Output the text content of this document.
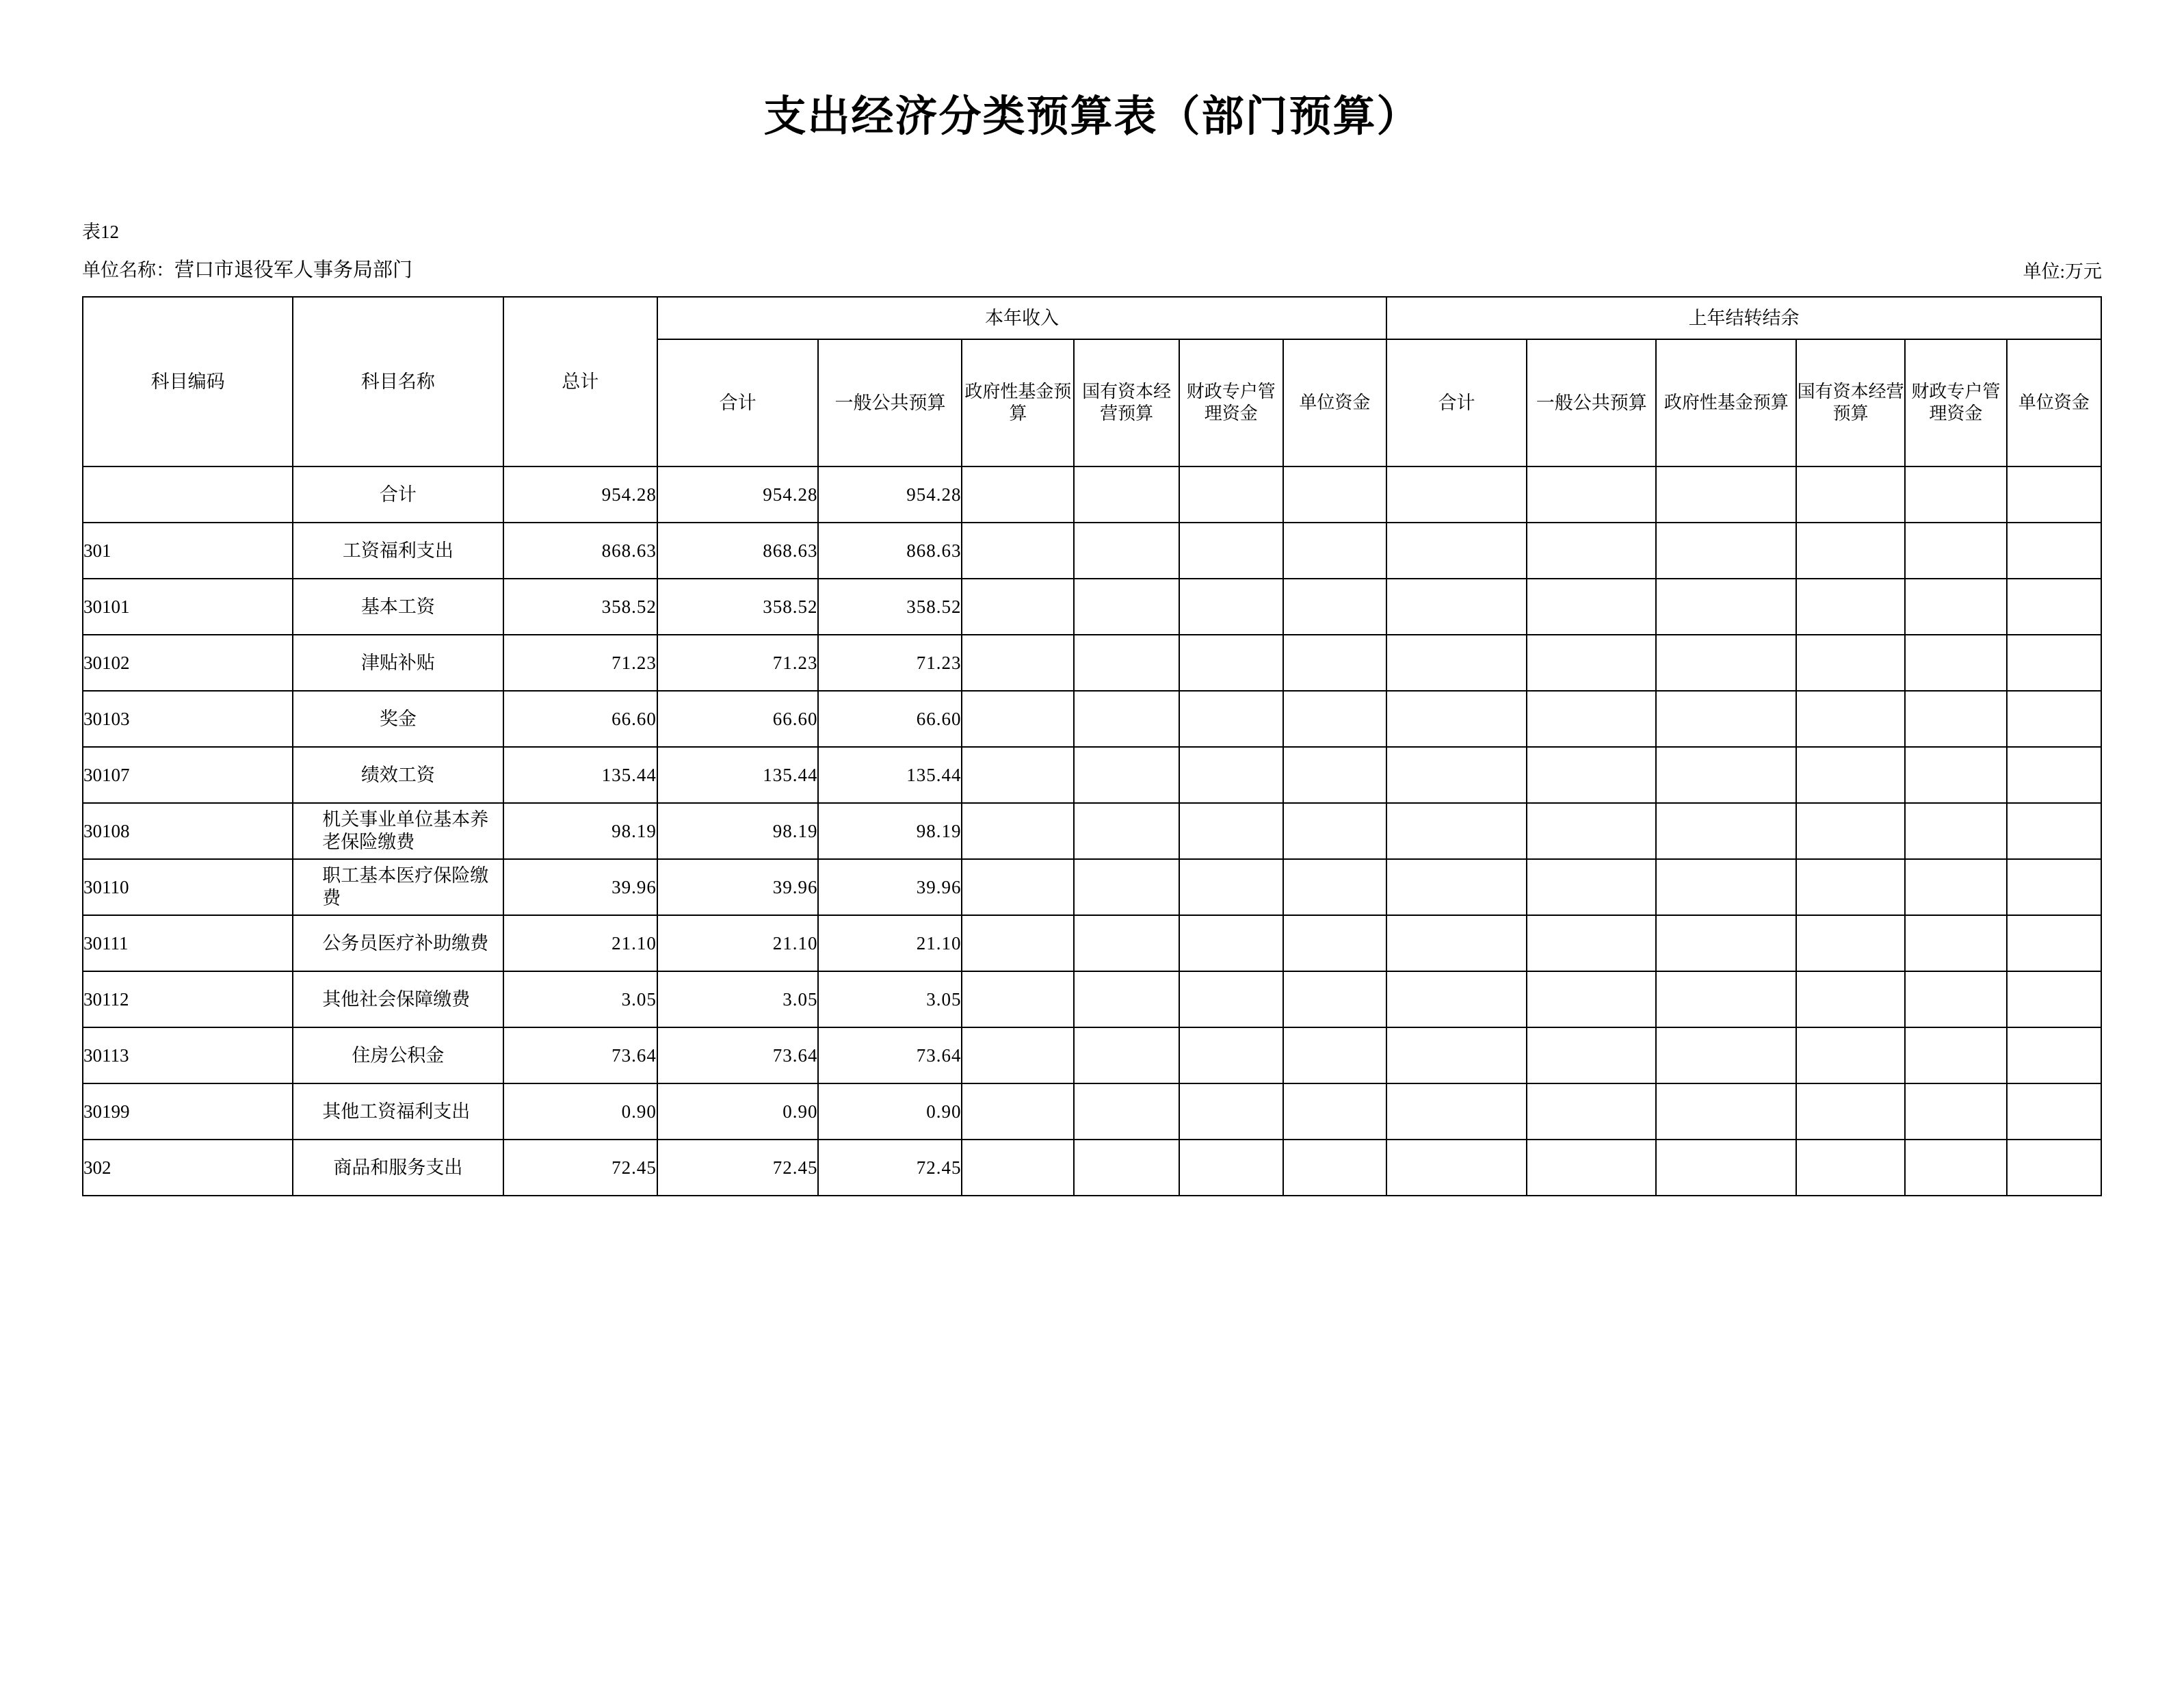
支出经济分类预算表（部门预算）
表12
单位名称：营口市退役军人事务局部门	单位:万元
科目编码	科目名称	总计	本年收入						上年结转结余					
			合计	一般公共预算	政府性基金预算	国有资本经营预算	财政专户管理资金	单位资金	合计	一般公共预算	政府性基金预算	国有资本经营预算	财政专户管理资金	单位资金
	合计	954.28	954.28	954.28										
301	工资福利支出	868.63	868.63	868.63										
30101	基本工资	358.52	358.52	358.52										
30102	津贴补贴	71.23	71.23	71.23										
30103	奖金	66.60	66.60	66.60										
30107	绩效工资	135.44	135.44	135.44										
30108	机关事业单位基本养老保险缴费	98.19	98.19	98.19										
30110	职工基本医疗保险缴费	39.96	39.96	39.96										
30111	公务员医疗补助缴费	21.10	21.10	21.10										
30112	其他社会保障缴费	3.05	3.05	3.05										
30113	住房公积金	73.64	73.64	73.64										
30199	其他工资福利支出	0.90	0.90	0.90										
302	商品和服务支出	72.45	72.45	72.45										
